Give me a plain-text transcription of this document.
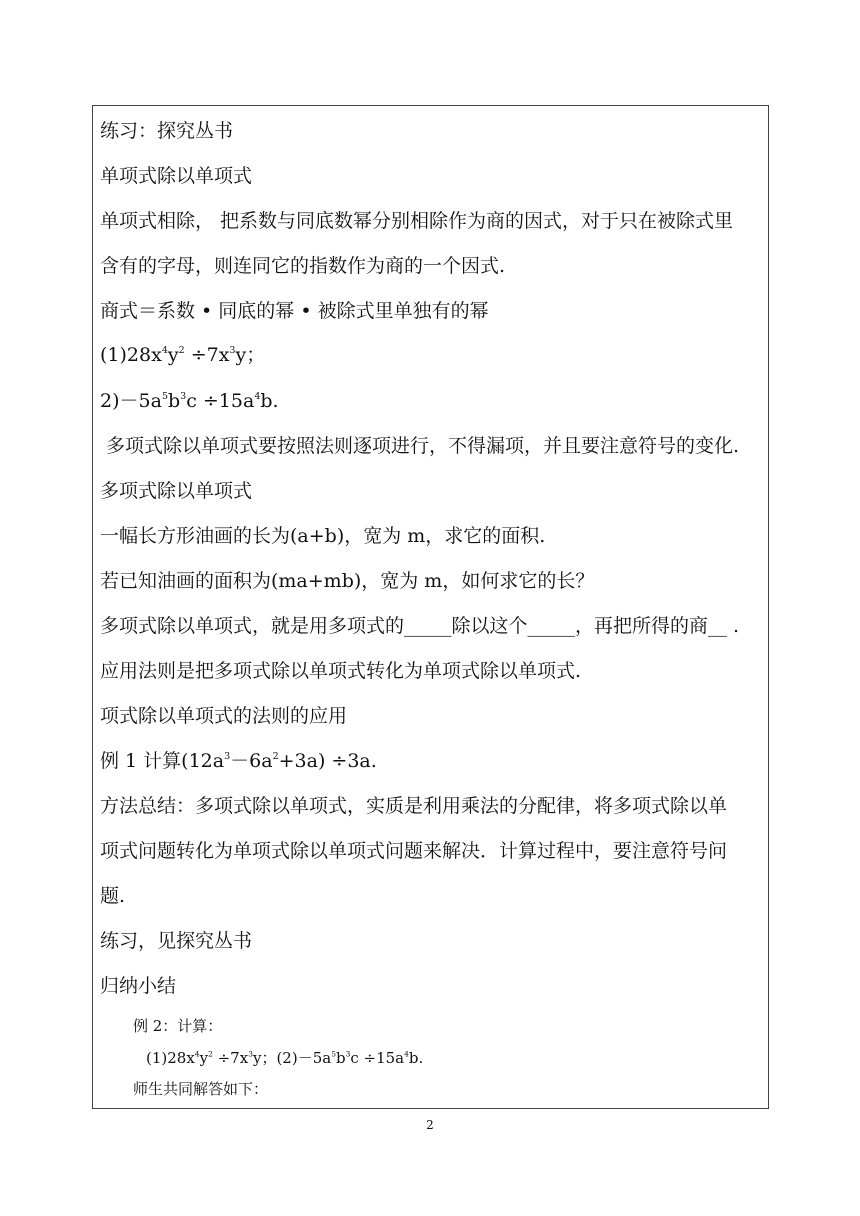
练习：探究丛书
单项式除以单项式
单项式相除， 把系数与同底数幂分别相除作为商的因式，对于只在被除式里
含有的字母，则连同它的指数作为商的一个因式.
商式＝系数 • 同底的幂 • 被除式里单独有的幂
$(1)28x^4y^2 \div 7x^3y$；
$2)-5a^5b^3c \div 15a^4b$.
多项式除以单项式要按照法则逐项进行，不得漏项，并且要注意符号的变化.
多项式除以单项式
一幅长方形油画的长为(a+b)，宽为 m，求它的面积.
若已知油画的面积为(ma+mb)，宽为 m，如何求它的长？
多项式除以单项式，就是用多项式的_____除以这个_____，再把所得的商__ .
应用法则是把多项式除以单项式转化为单项式除以单项式.
项式除以单项式的法则的应用
例 1 计算$(12a^3-6a^2+3a) \div 3a$.
方法总结：多项式除以单项式，实质是利用乘法的分配律，将多项式除以单
项式问题转化为单项式除以单项式问题来解决．计算过程中，要注意符号问
题.
练习，见探究丛书
归纳小结
例 2：计算：
$(1)28x^4y^2 \div 7x^3y$；$(2)-5a^5b^3c \div 15a^4b$.
师生共同解答如下：
2
